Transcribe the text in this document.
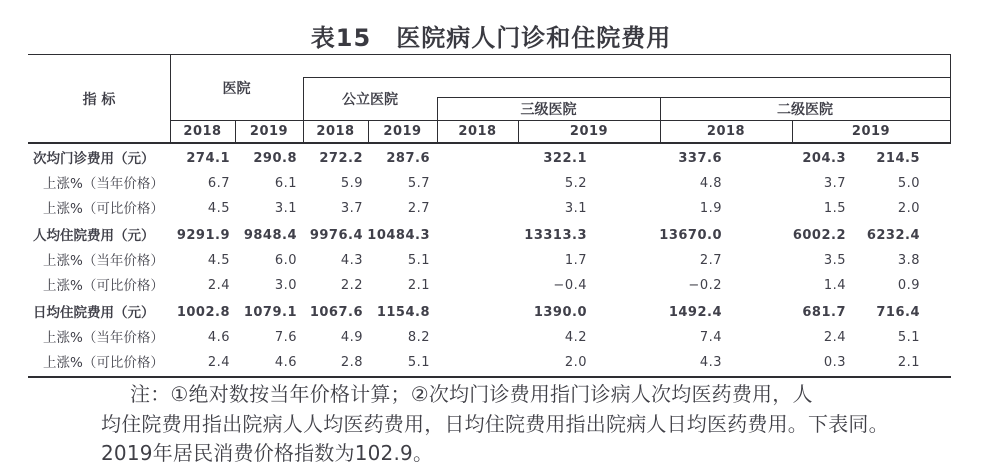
表15　医院病人门诊和住院费用
指 标
医院
公立医院
三级医院	二级医院
2018	2019	2018	2019	2018	2019	2018	2019
次均门诊费用（元） 274.1 290.8 272.2 287.6	322.1	337.6	204.3 214.5
上涨%（当年价格）	6.7	6.1	5.9	5.7	5.2	4.8	3.7	5.0
上涨%（可比价格）	4.5	3.1	3.7	2.7	3.1	1.9	1.5	2.0
人均住院费用（元） 9291.9 9848.4 9976.4 10484.3	13313.3	13670.0	6002.2 6232.4
上涨%（当年价格）	4.5	6.0	4.3	5.1	1.7	2.7	3.5	3.8
上涨%（可比价格）	2.4	3.0	2.2	2.1	−0.4	−0.2	1.4	0.9
日均住院费用（元） 1002.8 1079.1 1067.6 1154.8	1390.0	1492.4	681.7 716.4
上涨%（当年价格）	4.6	7.6	4.9	8.2	4.2	7.4	2.4	5.1
上涨%（可比价格）	2.4	4.6	2.8	5.1	2.0	4.3	0.3	2.1
注：①绝对数按当年价格计算；②次均门诊费用指门诊病人次均医药费用，人
均住院费用指出院病人人均医药费用，日均住院费用指出院病人日均医药费用。下表同。
2019年居民消费价格指数为102.9。
